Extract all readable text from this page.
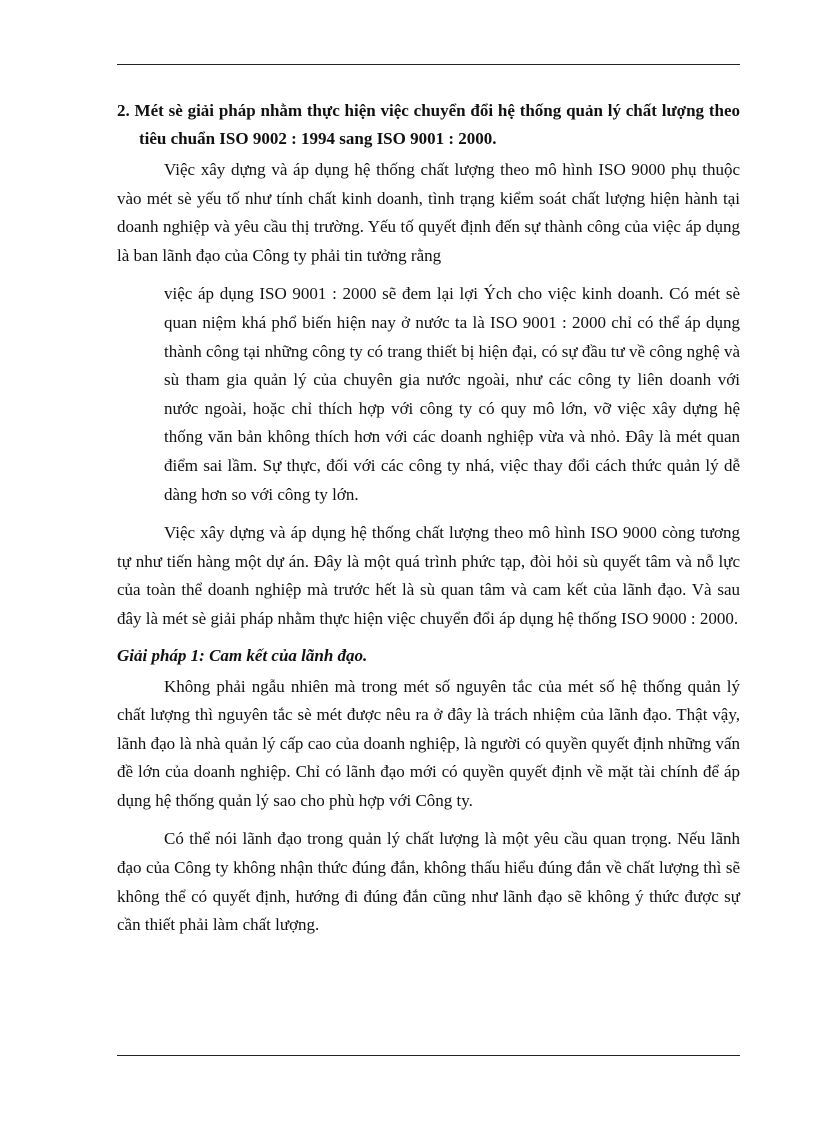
2. Mét sè giải pháp nhằm thực hiện việc chuyển đổi hệ thống quản lý chất lượng theo tiêu chuẩn ISO 9002 : 1994 sang ISO 9001 : 2000.

Việc xây dựng và áp dụng hệ thống chất lượng theo mô hình ISO 9000 phụ thuộc vào mét sè yếu tố như tính chất kinh doanh, tình trạng kiểm soát chất lượng hiện hành tại doanh nghiệp và yêu cầu thị trường. Yếu tố quyết định đến sự thành công của việc áp dụng là ban lãnh đạo của Công ty phải tin tưởng rằng

việc áp dụng ISO 9001 : 2000 sẽ đem lại lợi Ých cho việc kinh doanh. Có mét sè quan niệm khá phổ biến hiện nay ở nước ta là ISO 9001 : 2000 chỉ có thể áp dụng thành công tại những công ty có trang thiết bị hiện đại, có sự đầu tư về công nghệ và sù tham gia quản lý của chuyên gia nước ngoài, như các công ty liên doanh với nước ngoài, hoặc chỉ thích hợp với công ty có quy mô lớn, vỡ việc xây dựng hệ thống văn bản không thích hơn với các doanh nghiệp vừa và nhỏ. Đây là mét quan điểm sai lầm. Sự thực, đối với các công ty nhá, việc thay đổi cách thức quản lý dễ dàng hơn so với công ty lớn.

Việc xây dựng và áp dụng hệ thống chất lượng theo mô hình ISO 9000 còng tương tự như tiến hàng một dự án. Đây là một quá trình phức tạp, đòi hỏi sù quyết tâm và nỗ lực của toàn thể doanh nghiệp mà trước hết là sù quan tâm và cam kết của lãnh đạo. Và sau đây là mét sè giải pháp nhằm thực hiện việc chuyển đổi áp dụng hệ thống ISO 9000 : 2000.

Giải pháp 1: Cam kết của lãnh đạo.

Không phải ngẫu nhiên mà trong mét số nguyên tắc của mét số hệ thống quản lý chất lượng thì nguyên tắc sè mét được nêu ra ở đây là trách nhiệm của lãnh đạo. Thật vậy, lãnh đạo là nhà quản lý cấp cao của doanh nghiệp, là người có quyền quyết định những vấn đề lớn của doanh nghiệp. Chỉ có lãnh đạo mới có quyền quyết định về mặt tài chính để áp dụng hệ thống quản lý sao cho phù hợp với Công ty.

Có thể nói lãnh đạo trong quản lý chất lượng là một yêu cầu quan trọng. Nếu lãnh đạo của Công ty không nhận thức đúng đắn, không thấu hiểu đúng đắn về chất lượng thì sẽ không thể có quyết định, hướng đi đúng đắn cũng như lãnh đạo sẽ không ý thức được sự cần thiết phải làm chất lượng.
